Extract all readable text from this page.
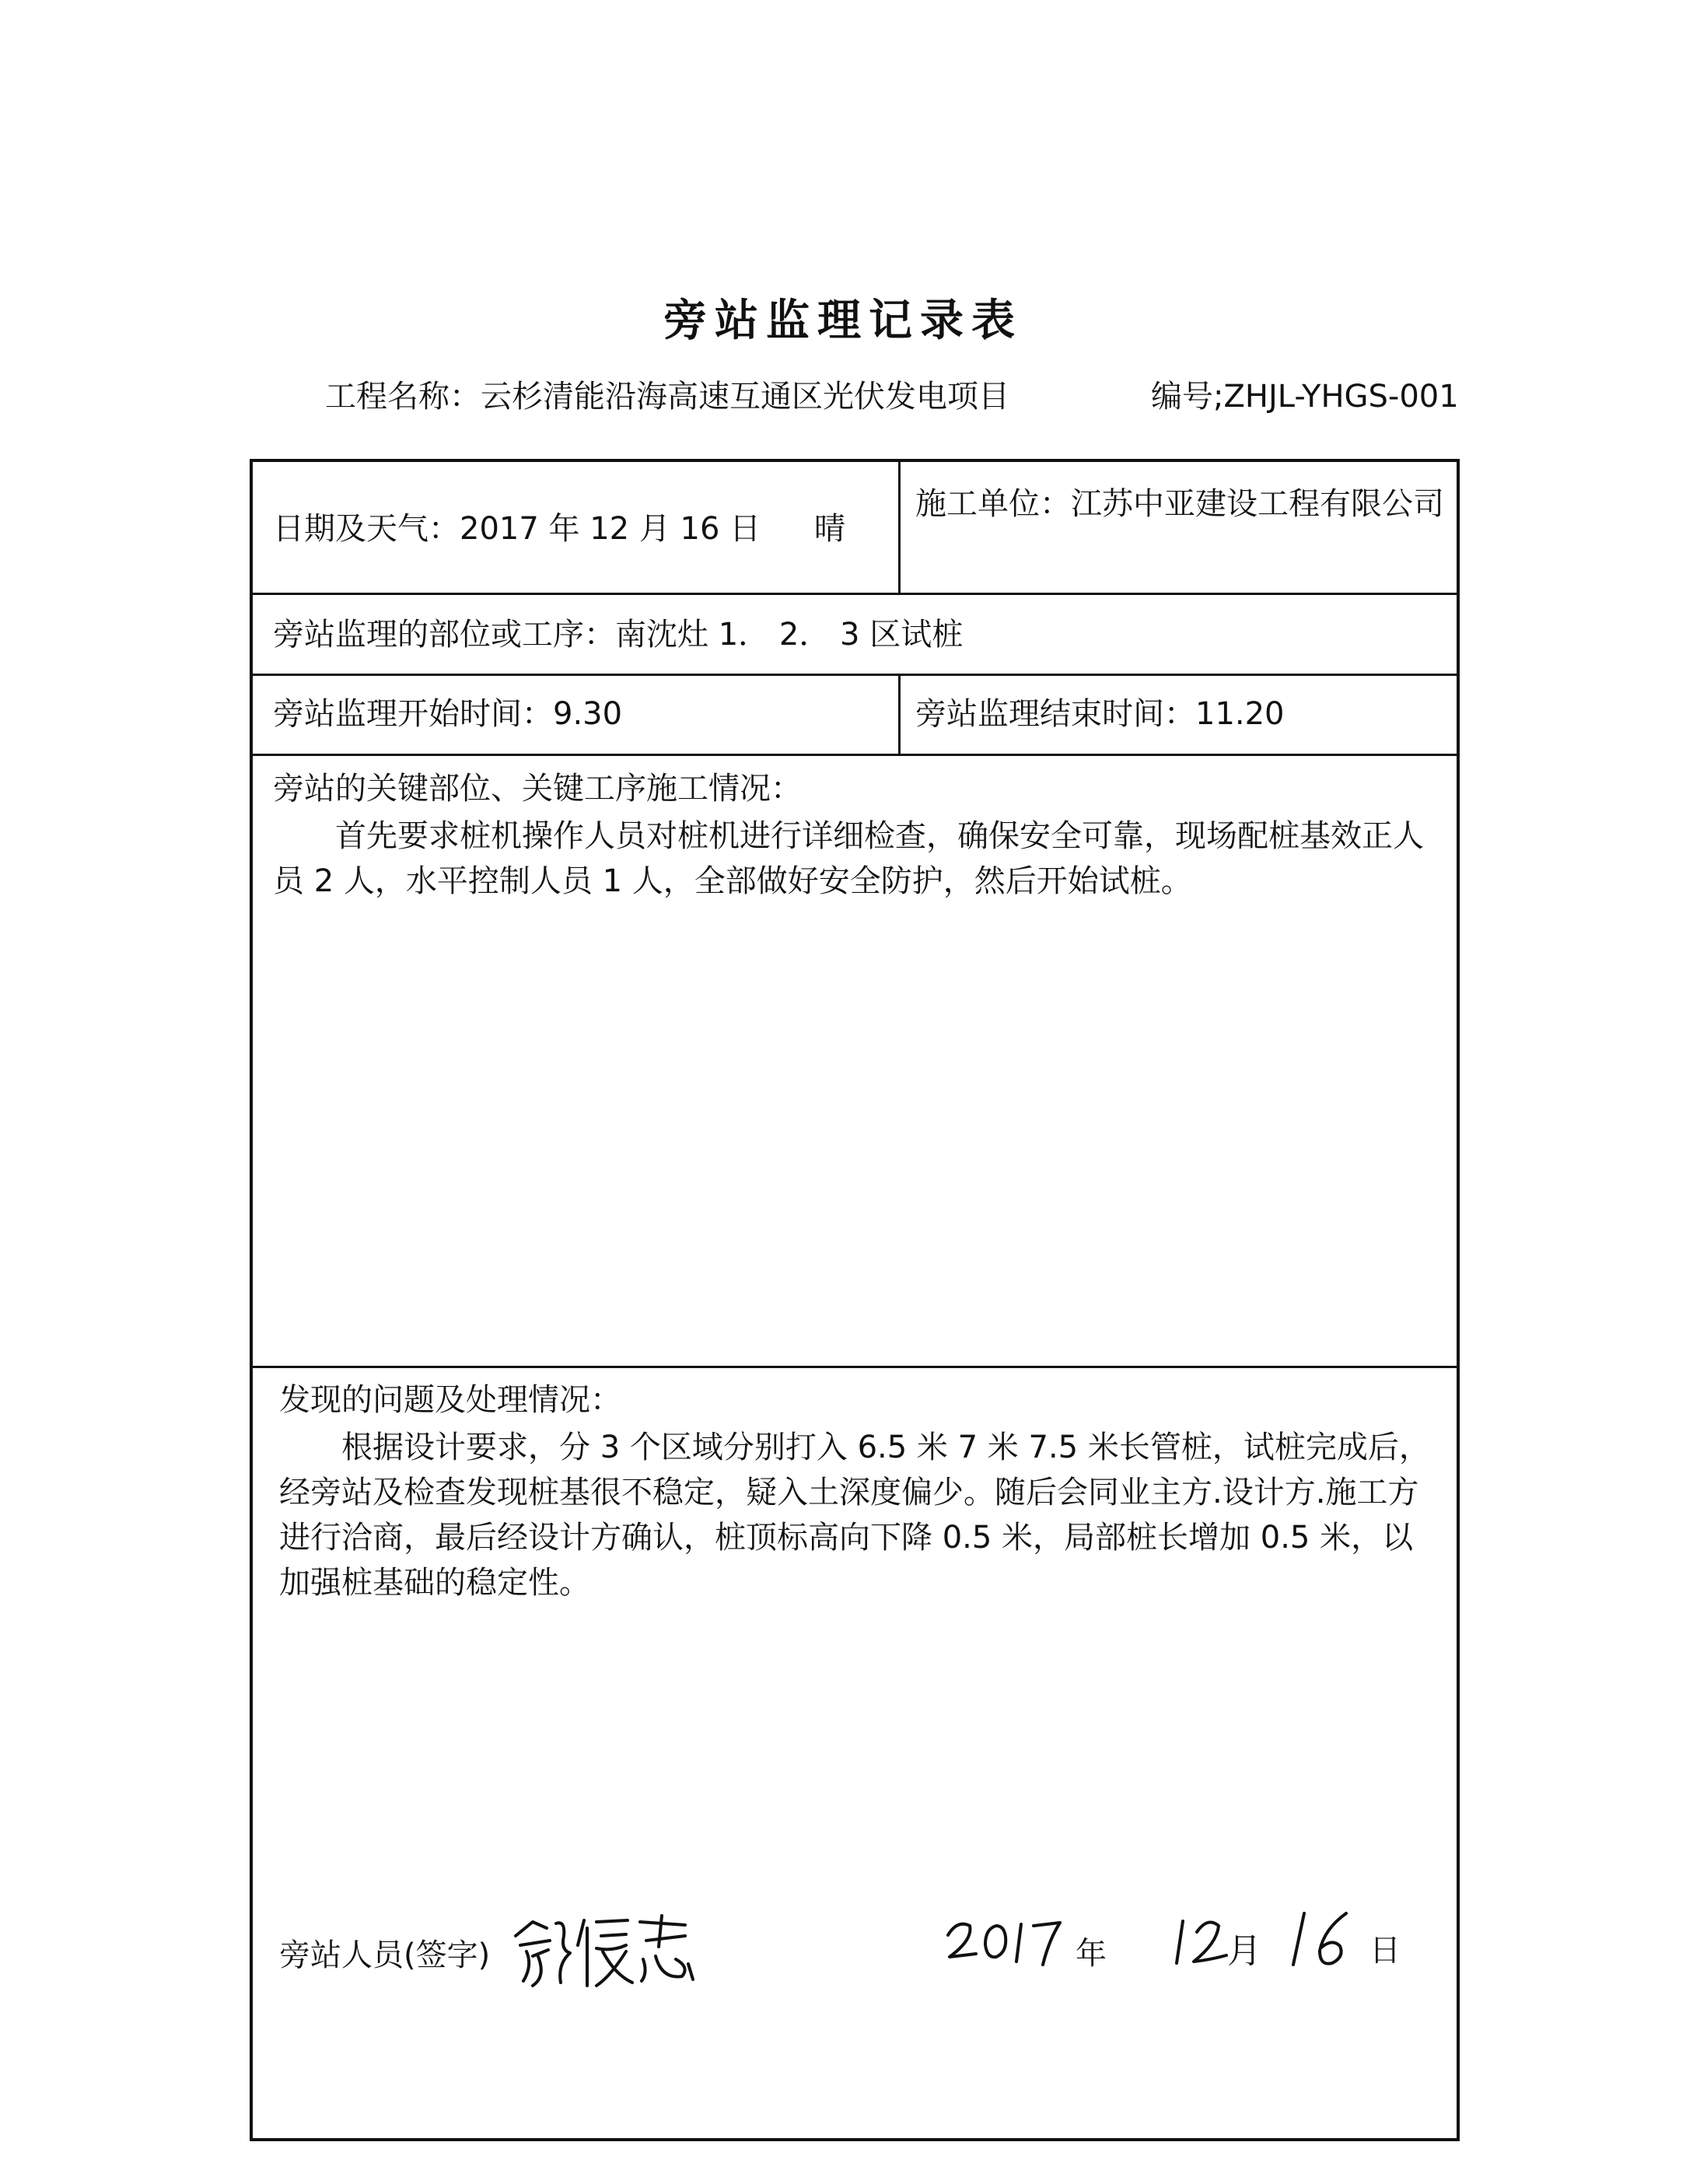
旁站监理记录表
工程名称：云杉清能沿海高速互通区光伏发电项目	编号;ZHJL-YHGS-001
日期及天气：2017 年 12 月 16 日 晴
施工单位：江苏中亚建设工程有限公司
旁站监理的部位或工序：南沈灶 1． 2． 3 区试桩
旁站监理开始时间：9.30	旁站监理结束时间：11.20
旁站的关键部位、关键工序施工情况：
首先要求桩机操作人员对桩机进行详细检查，确保安全可靠，现场配桩基效正人员 2 人，水平控制人员 1 人，全部做好安全防护，然后开始试桩。
发现的问题及处理情况：
根据设计要求，分 3 个区域分别打入 6.5 米 7 米 7.5 米长管桩，试桩完成后，经旁站及检查发现桩基很不稳定，疑入土深度偏少。随后会同业主方.设计方.施工方进行洽商，最后经设计方确认，桩顶标高向下降 0.5 米，局部桩长增加 0.5 米，以加强桩基础的稳定性。
旁站人员(签字)	年	月	日
